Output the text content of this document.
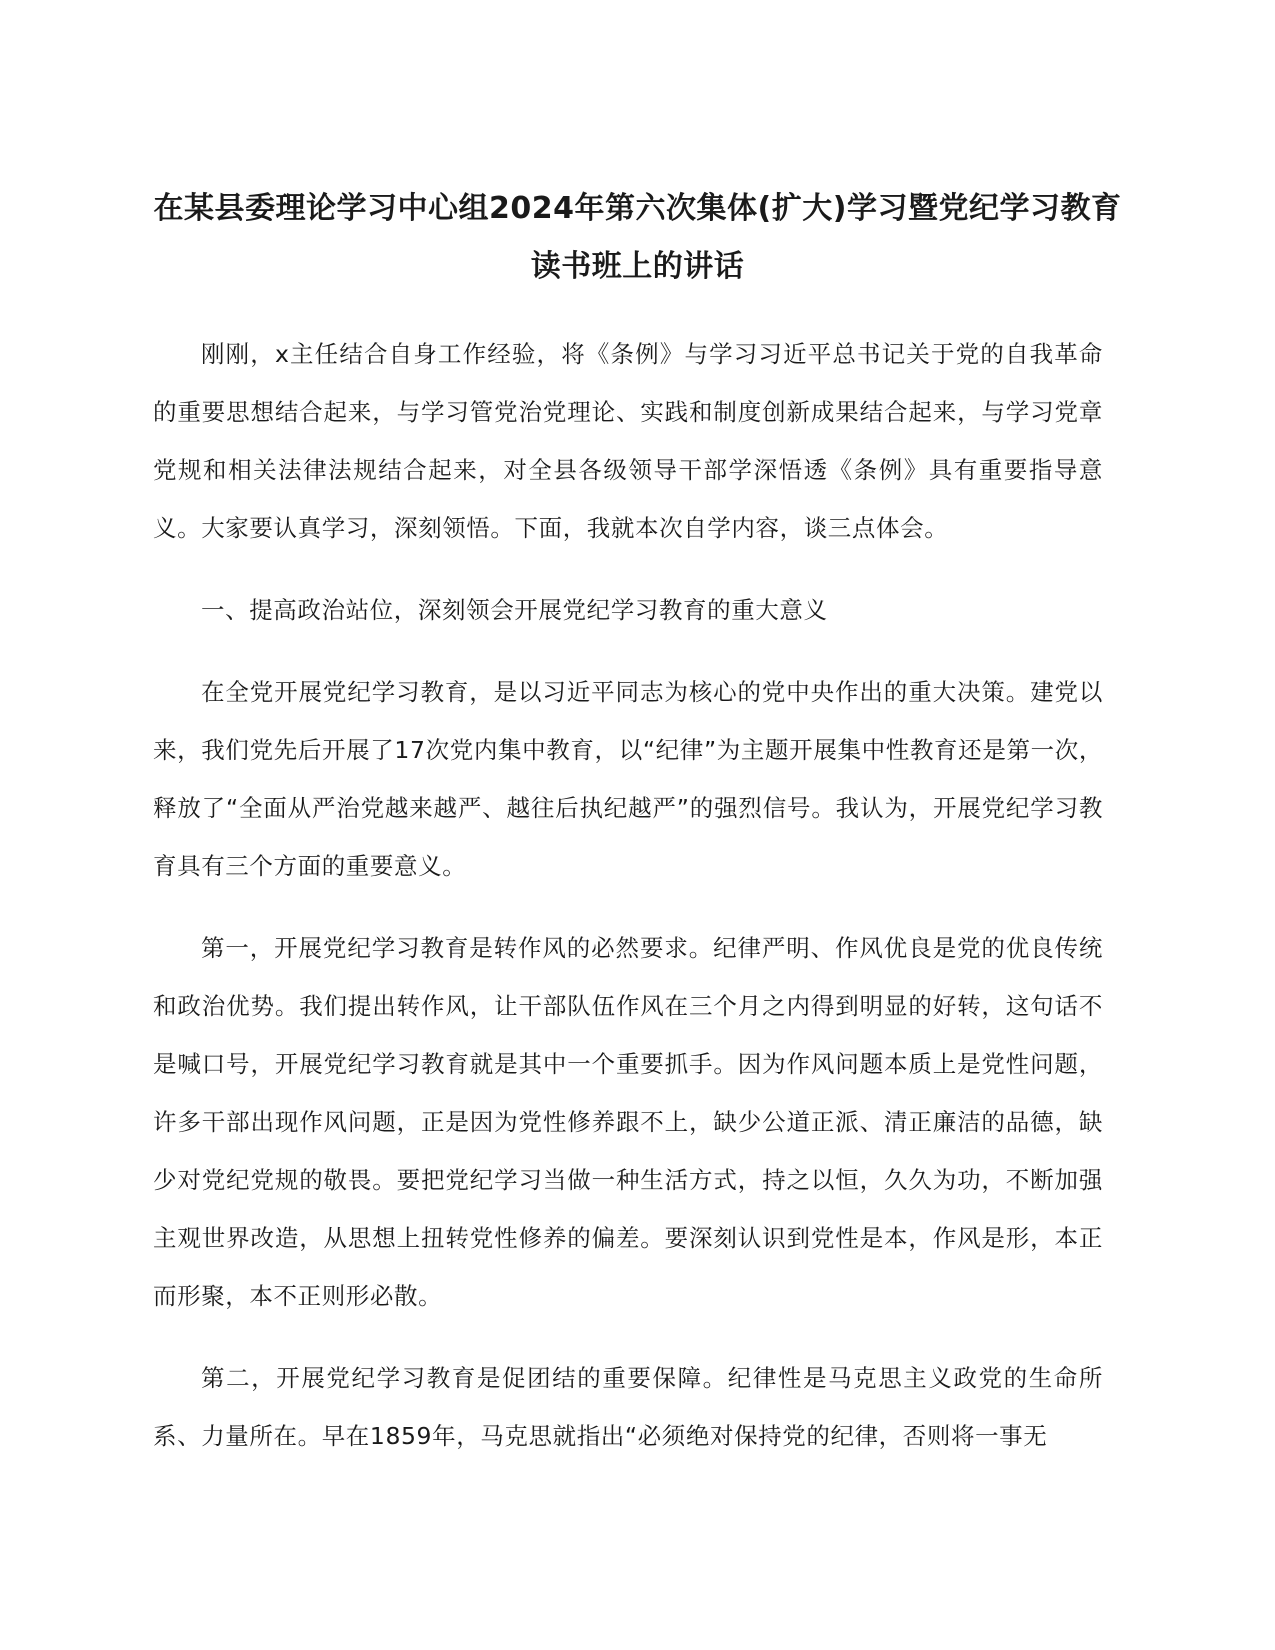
在某县委理论学习中心组2024年第六次集体(扩大)学习暨党纪学习教育读书班上的讲话

刚刚，x主任结合自身工作经验，将《条例》与学习习近平总书记关于党的自我革命的重要思想结合起来，与学习管党治党理论、实践和制度创新成果结合起来，与学习党章党规和相关法律法规结合起来，对全县各级领导干部学深悟透《条例》具有重要指导意义。大家要认真学习，深刻领悟。下面，我就本次自学内容，谈三点体会。

一、提高政治站位，深刻领会开展党纪学习教育的重大意义

在全党开展党纪学习教育，是以习近平同志为核心的党中央作出的重大决策。建党以来，我们党先后开展了17次党内集中教育，以“纪律”为主题开展集中性教育还是第一次，释放了“全面从严治党越来越严、越往后执纪越严”的强烈信号。我认为，开展党纪学习教育具有三个方面的重要意义。

第一，开展党纪学习教育是转作风的必然要求。纪律严明、作风优良是党的优良传统和政治优势。我们提出转作风，让干部队伍作风在三个月之内得到明显的好转，这句话不是喊口号，开展党纪学习教育就是其中一个重要抓手。因为作风问题本质上是党性问题，许多干部出现作风问题，正是因为党性修养跟不上，缺少公道正派、清正廉洁的品德，缺少对党纪党规的敬畏。要把党纪学习当做一种生活方式，持之以恒，久久为功，不断加强主观世界改造，从思想上扭转党性修养的偏差。要深刻认识到党性是本，作风是形，本正而形聚，本不正则形必散。

第二，开展党纪学习教育是促团结的重要保障。纪律性是马克思主义政党的生命所系、力量所在。早在1859年，马克思就指出“必须绝对保持党的纪律，否则将一事无
